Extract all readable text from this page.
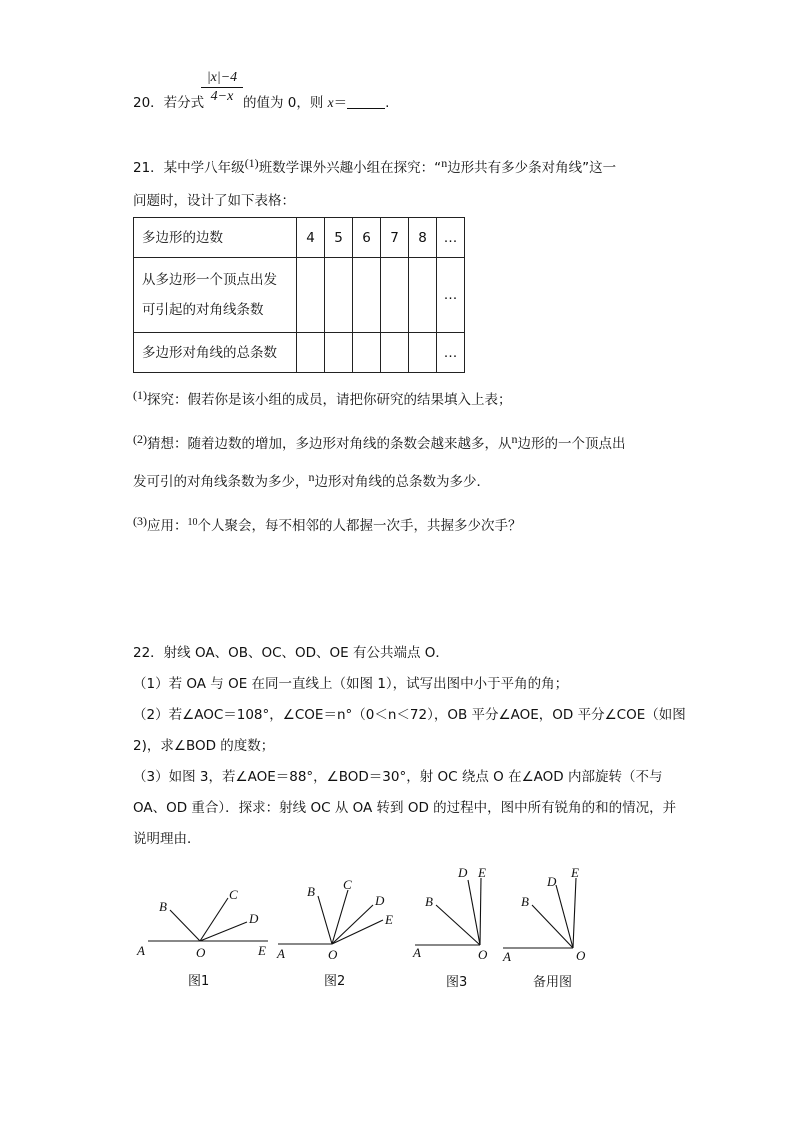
|x|−4
4−x
20．若分式	的值为 0，则 x＝	.
21．某中学八年级(1)班数学课外兴趣小组在探究：“n边形共有多少条对角线”这一
问题时，设计了如下表格：
多边形的边数	4	5	6	7	8	…

从多边形一个顶点出发
可引起的对角线条数						…
多边形对角线的总条数						…
(1)探究：假若你是该小组的成员，请把你研究的结果填入上表；
(2)猜想：随着边数的增加，多边形对角线的条数会越来越多，从n边形的一个顶点出
发可引的对角线条数为多少，n边形对角线的总条数为多少．
(3)应用：$^{10}$个人聚会，每不相邻的人都握一次手，共握多少次手？
22．射线 OA、OB、OC、OD、OE 有公共端点 O．
（1）若 OA 与 OE 在同一直线上（如图 1），试写出图中小于平角的角；
（2）若∠AOC＝108°，∠COE＝n°（0＜n＜72），OB 平分∠AOE，OD 平分∠COE（如图
2)，求∠BOD 的度数；
（3）如图 3，若∠AOE＝88°，∠BOD＝30°，射 OC 绕点 O 在∠AOD 内部旋转（不与
OA、OD 重合）．探求：射线 OC 从 OA 转到 OD 的过程中，图中所有锐角的和的情况，并
说明理由．
A	O	E
B
C
D
A	O
B C
D
E
A	O
B
D E
A	O
B
D
E
图1	图2	图3	备用图
